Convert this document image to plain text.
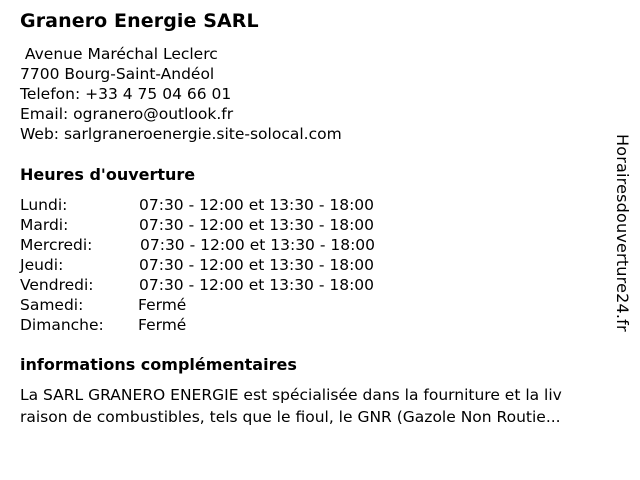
Granero Energie SARL
Avenue Maréchal Leclerc
7700 Bourg-Saint-Andéol
Telefon: +33 4 75 04 66 01
Email: ogranero@outlook.fr
Web: sarlgraneroenergie.site-solocal.com
Heures d'ouverture
Lundi:	07:30 - 12:00 et 13:30 - 18:00
Mardi:	07:30 - 12:00 et 13:30 - 18:00
Mercredi:	07:30 - 12:00 et 13:30 - 18:00
Jeudi:	07:30 - 12:00 et 13:30 - 18:00
Vendredi:	07:30 - 12:00 et 13:30 - 18:00
Samedi:	Fermé
Dimanche: Fermé
informations complémentaires
La SARL GRANERO ENERGIE est spécialisée dans la fourniture et la liv
raison de combustibles, tels que le fioul, le GNR (Gazole Non Routie...
Horairesdouverture24.fr
